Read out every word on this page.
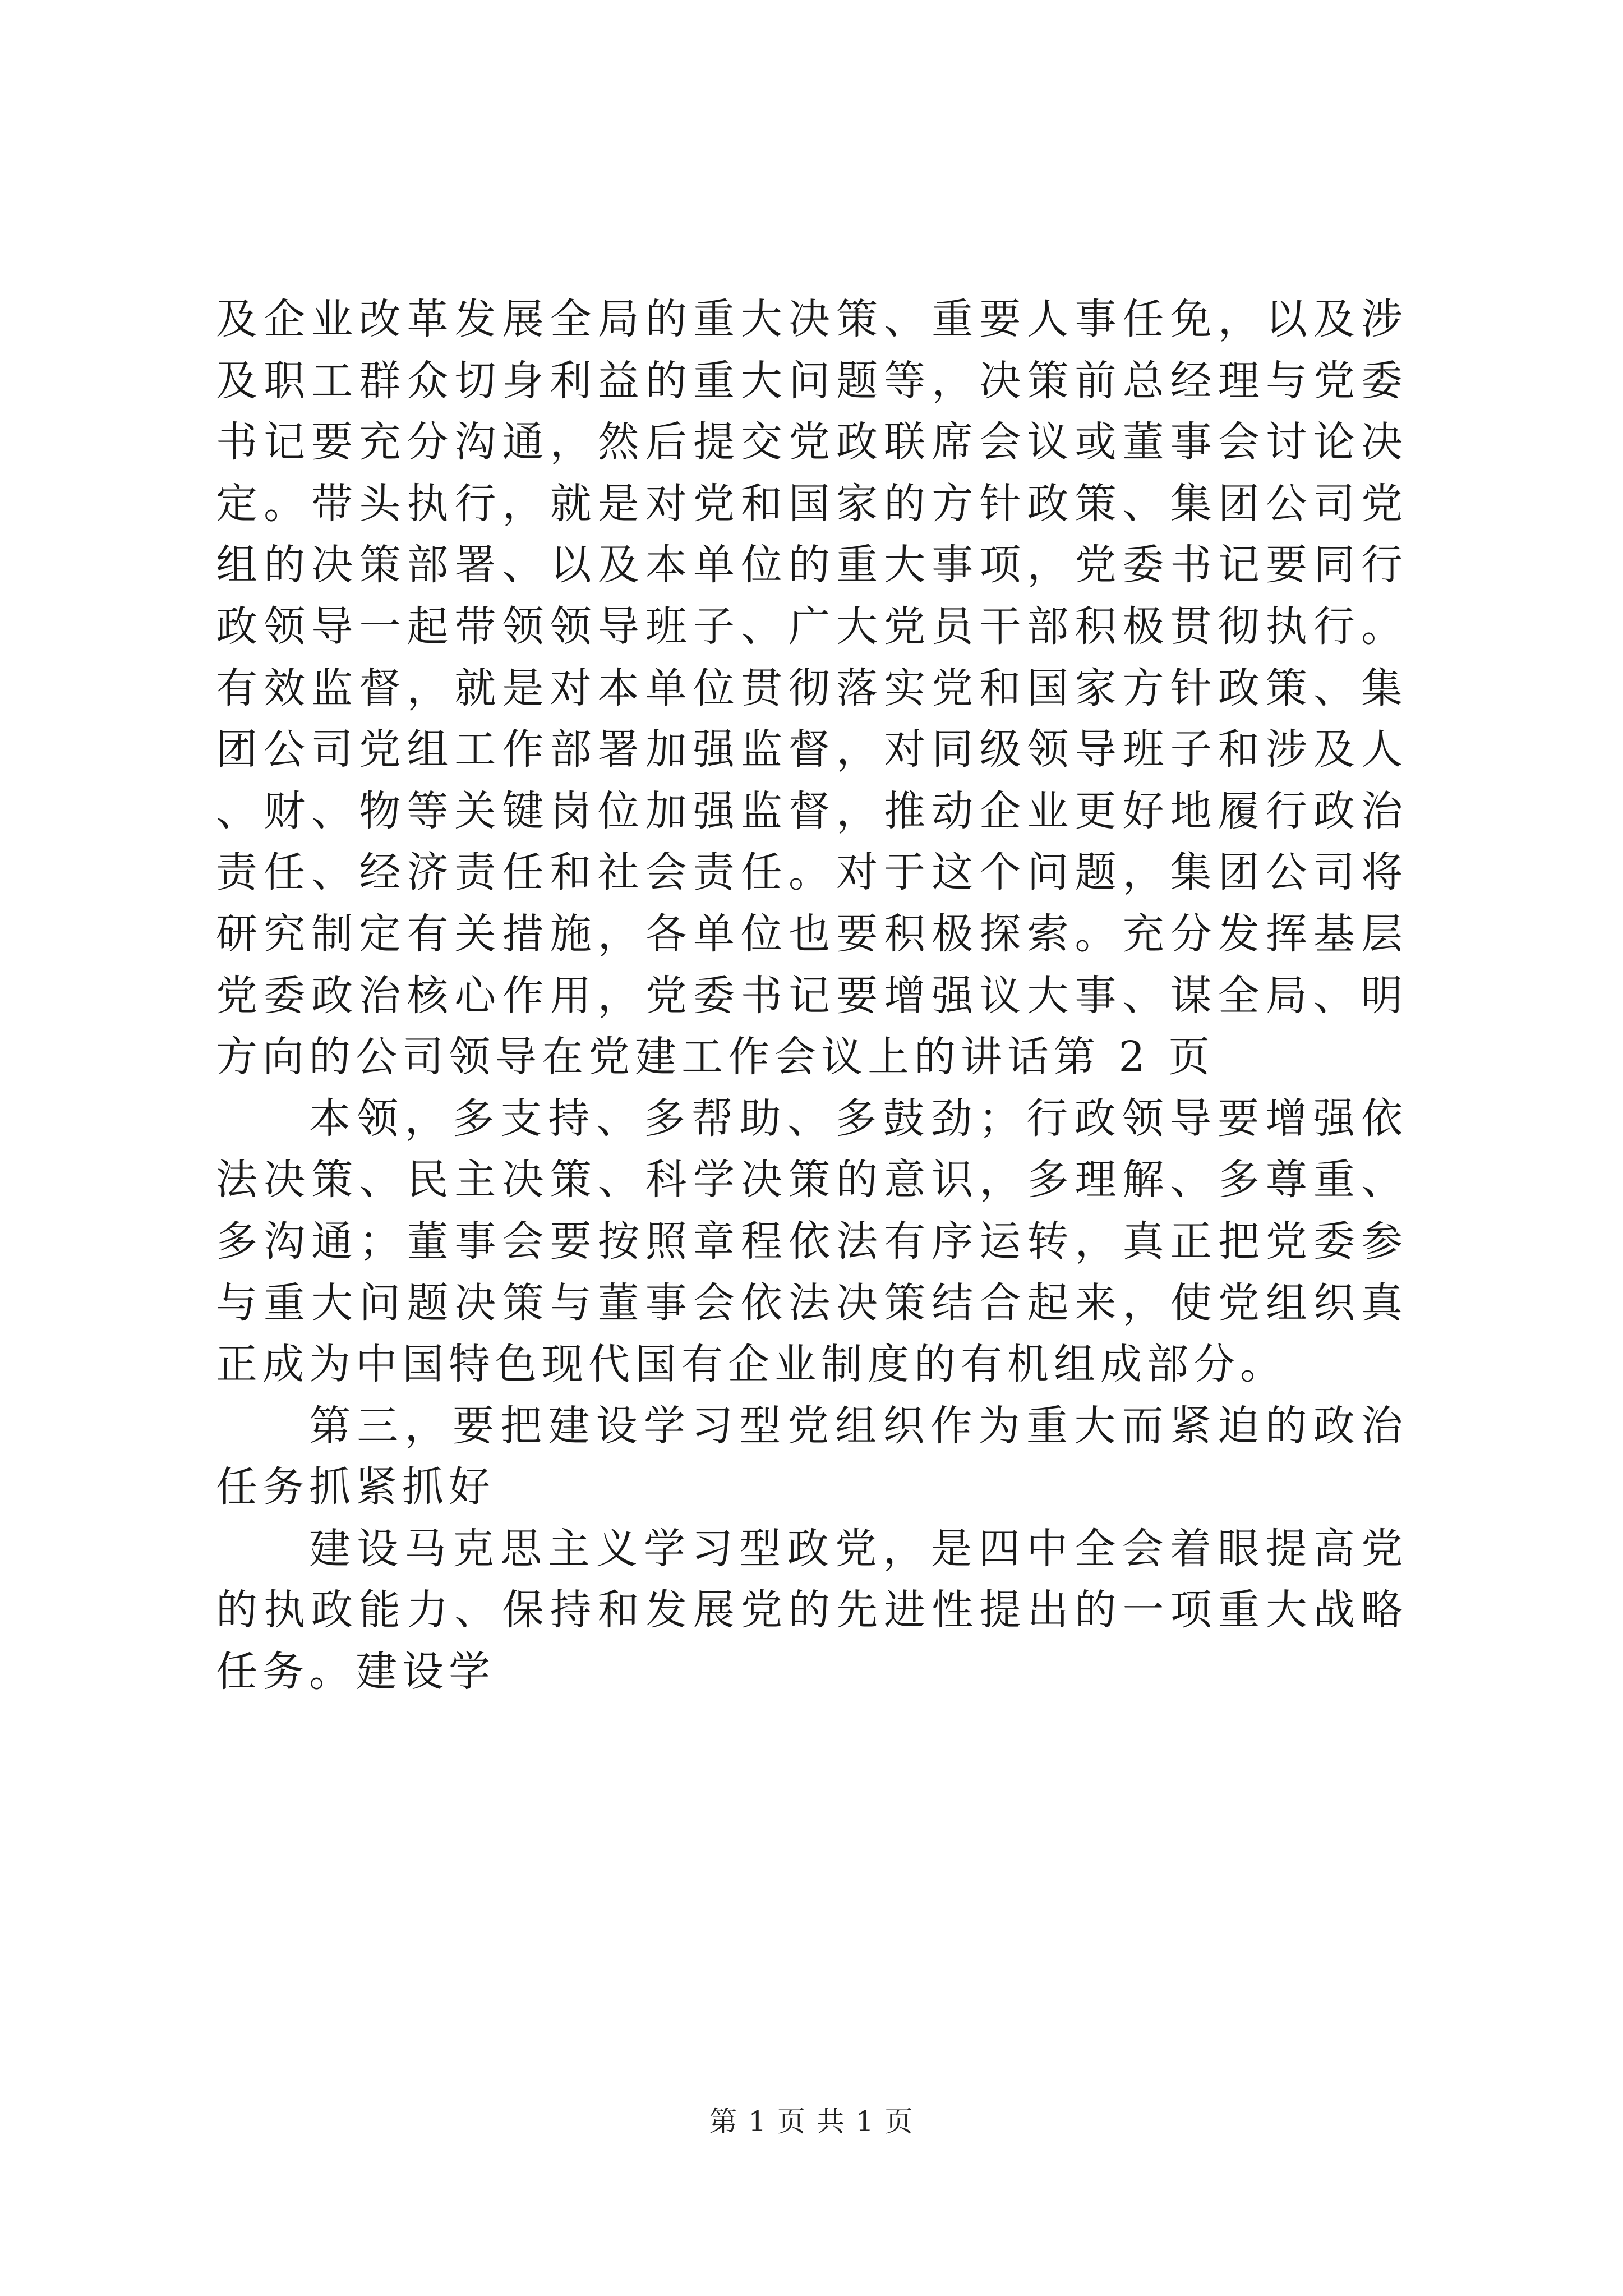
及企业改革发展全局的重大决策、重要人事任免，以及涉及职工群众切身利益的重大问题等，决策前总经理与党委书记要充分沟通，然后提交党政联席会议或董事会讨论决定。带头执行，就是对党和国家的方针政策、集团公司党组的决策部署、以及本单位的重大事项，党委书记要同行政领导一起带领领导班子、广大党员干部积极贯彻执行。有效监督，就是对本单位贯彻落实党和国家方针政策、集团公司党组工作部署加强监督，对同级领导班子和涉及人、财、物等关键岗位加强监督，推动企业更好地履行政治责任、经济责任和社会责任。对于这个问题，集团公司将研究制定有关措施，各单位也要积极探索。充分发挥基层党委政治核心作用，党委书记要增强议大事、谋全局、明方向的公司领导在党建工作会议上的讲话第 2 页

本领，多支持、多帮助、多鼓劲；行政领导要增强依法决策、民主决策、科学决策的意识，多理解、多尊重、多沟通；董事会要按照章程依法有序运转，真正把党委参与重大问题决策与董事会依法决策结合起来，使党组织真正成为中国特色现代国有企业制度的有机组成部分。

第三，要把建设学习型党组织作为重大而紧迫的政治任务抓紧抓好

建设马克思主义学习型政党，是四中全会着眼提高党的执政能力、保持和发展党的先进性提出的一项重大战略任务。建设学

第 1 页 共 1 页
